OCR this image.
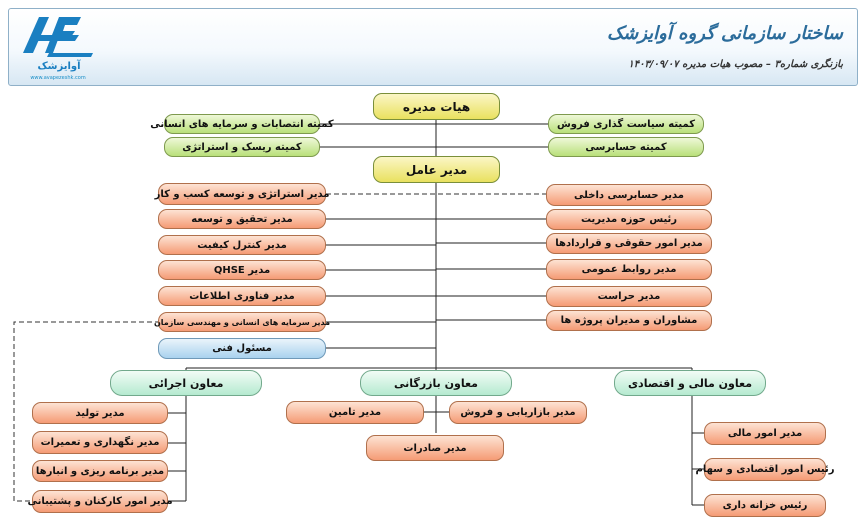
آوایزشک
www.avapezeshk.com
ساختار سازمانی گروه آوایزشک
بازنگری شماره۳ – مصوب هیات مدیره ۱۴۰۳/۰۹/۰۷
هیات مدیره
مدیر عامل
کمیته انتصابات و سرمایه های انسانی
کمیته ریسک و استراتژی
کمیته سیاست گذاری فروش
کمیته حسابرسی
مدیر استراتژی و توسعه کسب و کار
مدیر تحقیق و توسعه
مدیر کنترل کیفیت
مدیر QHSE
مدیر فناوری اطلاعات
مدیر سرمایه های انسانی و مهندسی سازمان
مسئول فنی
مدیر حسابرسی داخلی
رئیس حوزه مدیریت
مدیر امور حقوقی و قراردادها
مدیر روابط عمومی
مدیر حراست
مشاوران و مدیران پروژه ها
معاون اجرائی	معاون بازرگانی	معاون مالی و اقتصادی
مدیر تولید
مدیر نگهداری و تعمیرات
مدیر برنامه ریزی و انبارها
مدیر امور کارکنان و پشتیبانی
مدیر تامین	مدیر بازاریابی و فروش
مدیر صادرات
مدیر امور مالی
رئیس امور اقتصادی و سهام
رئیس خزانه داری
